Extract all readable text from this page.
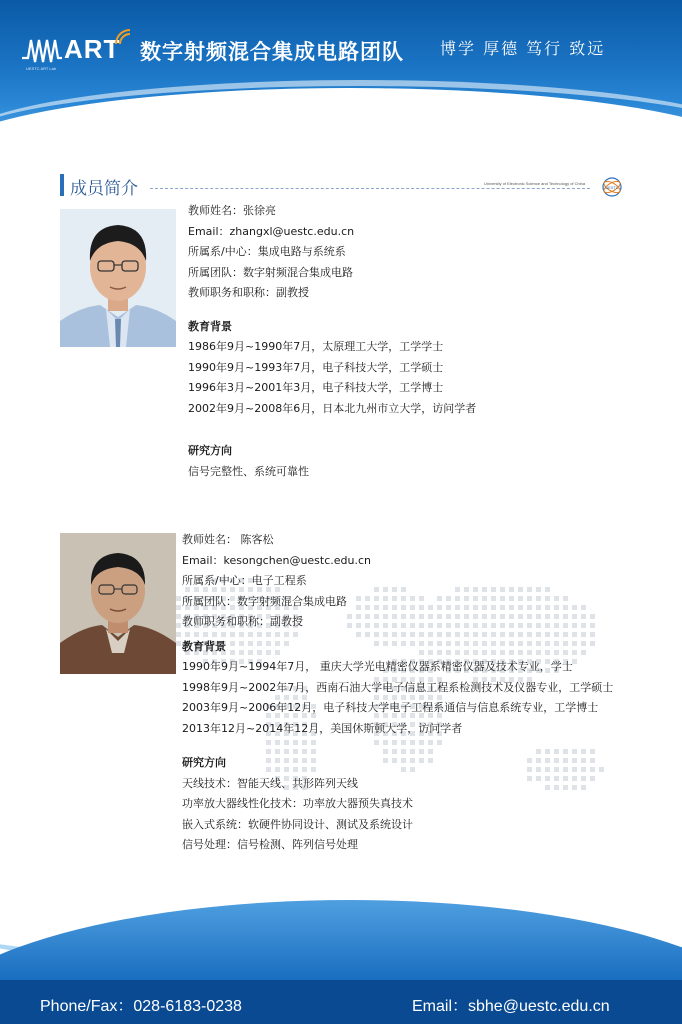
ART
UESTC ART Lab
数字射频混合集成电路团队 博学 厚德 笃行 致远
成员简介	University of Electronic Science and Technology of China
UESTC
教师姓名：张徐亮
Email：zhangxl@uestc.edu.cn
所属系/中心：集成电路与系统系
所属团队：数字射频混合集成电路
教师职务和职称：副教授
教育背景
1986年9月~1990年7月，太原理工大学，工学学士
1990年9月~1993年7月，电子科技大学，工学硕士
1996年3月~2001年3月，电子科技大学，工学博士
2002年9月~2008年6月，日本北九州市立大学，访问学者
研究方向
信号完整性、系统可靠性
教师姓名： 陈客松
Email：kesongchen@uestc.edu.cn
所属系/中心：电子工程系
所属团队：数字射频混合集成电路
教师职务和职称：副教授
教育背景
1990年9月~1994年7月， 重庆大学光电精密仪器系精密仪器及技术专业，学士
1998年9月~2002年7月，西南石油大学电子信息工程系检测技术及仪器专业，工学硕士
2003年9月~2006年12月，电子科技大学电子工程系通信与信息系统专业，工学博士
2013年12月~2014年12月，美国休斯顿大学，访问学者
研究方向
天线技术：智能天线、共形阵列天线
功率放大器线性化技术：功率放大器预失真技术
嵌入式系统：软硬件协同设计、测试及系统设计
信号处理：信号检测、阵列信号处理
Phone/Fax：028-6183-0238	Email：sbhe@uestc.edu.cn
